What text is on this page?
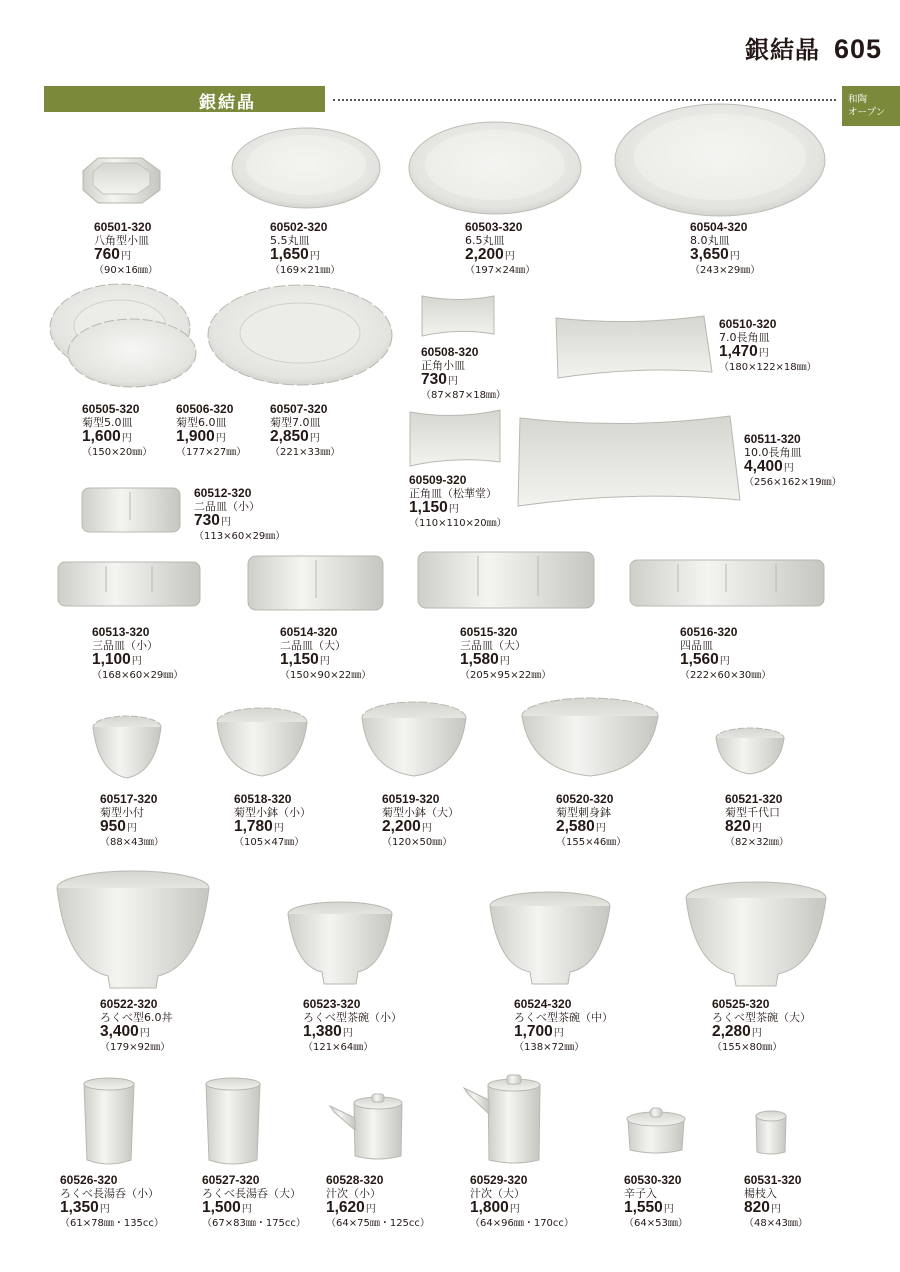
銀結晶 605
銀結晶	和陶
オープン
60501-320
八角型小皿
760円
（90×16㎜）
60502-320
5.5丸皿
1,650円
（169×21㎜）
60503-320
6.5丸皿
2,200円
（197×24㎜）
60504-320
8.0丸皿
3,650円
（243×29㎜）
60505-320
菊型5.0皿
1,600円
（150×20㎜）
60506-320
菊型6.0皿
1,900円
（177×27㎜）
60507-320
菊型7.0皿
2,850円
（221×33㎜）
60508-320
正角小皿
730円
（87×87×18㎜）
60509-320
正角皿（松華堂）
1,150円
（110×110×20㎜）
60510-320
7.0長角皿
1,470円
（180×122×18㎜）
60511-320
10.0長角皿
4,400円
（256×162×19㎜）
60512-320
二品皿（小）
730円
（113×60×29㎜）
60513-320
三品皿（小）
1,100円
（168×60×29㎜）
60514-320
二品皿（大）
1,150円
（150×90×22㎜）
60515-320
三品皿（大）
1,580円
（205×95×22㎜）
60516-320
四品皿
1,560円
（222×60×30㎜）
60517-320
菊型小付
950円
（88×43㎜）
60518-320
菊型小鉢（小）
1,780円
（105×47㎜）
60519-320
菊型小鉢（大）
2,200円
（120×50㎜）
60520-320
菊型刺身鉢
2,580円
（155×46㎜）
60521-320
菊型千代口
820円
（82×32㎜）
60522-320
ろくべ型6.0丼
3,400円
（179×92㎜）
60523-320
ろくべ型茶碗（小）
1,380円
（121×64㎜）
60524-320
ろくべ型茶碗（中）
1,700円
（138×72㎜）
60525-320
ろくべ型茶碗（大）
2,280円
（155×80㎜）
60526-320
ろくべ長湯呑（小）
1,350円
（61×78㎜・135cc）
60527-320
ろくべ長湯呑（大）
1,500円
（67×83㎜・175cc）
60528-320
汁次（小）
1,620円
（64×75㎜・125cc）
60529-320
汁次（大）
1,800円
（64×96㎜・170cc）
60530-320
辛子入
1,550円
（64×53㎜）
60531-320
楊枝入
820円
（48×43㎜）
